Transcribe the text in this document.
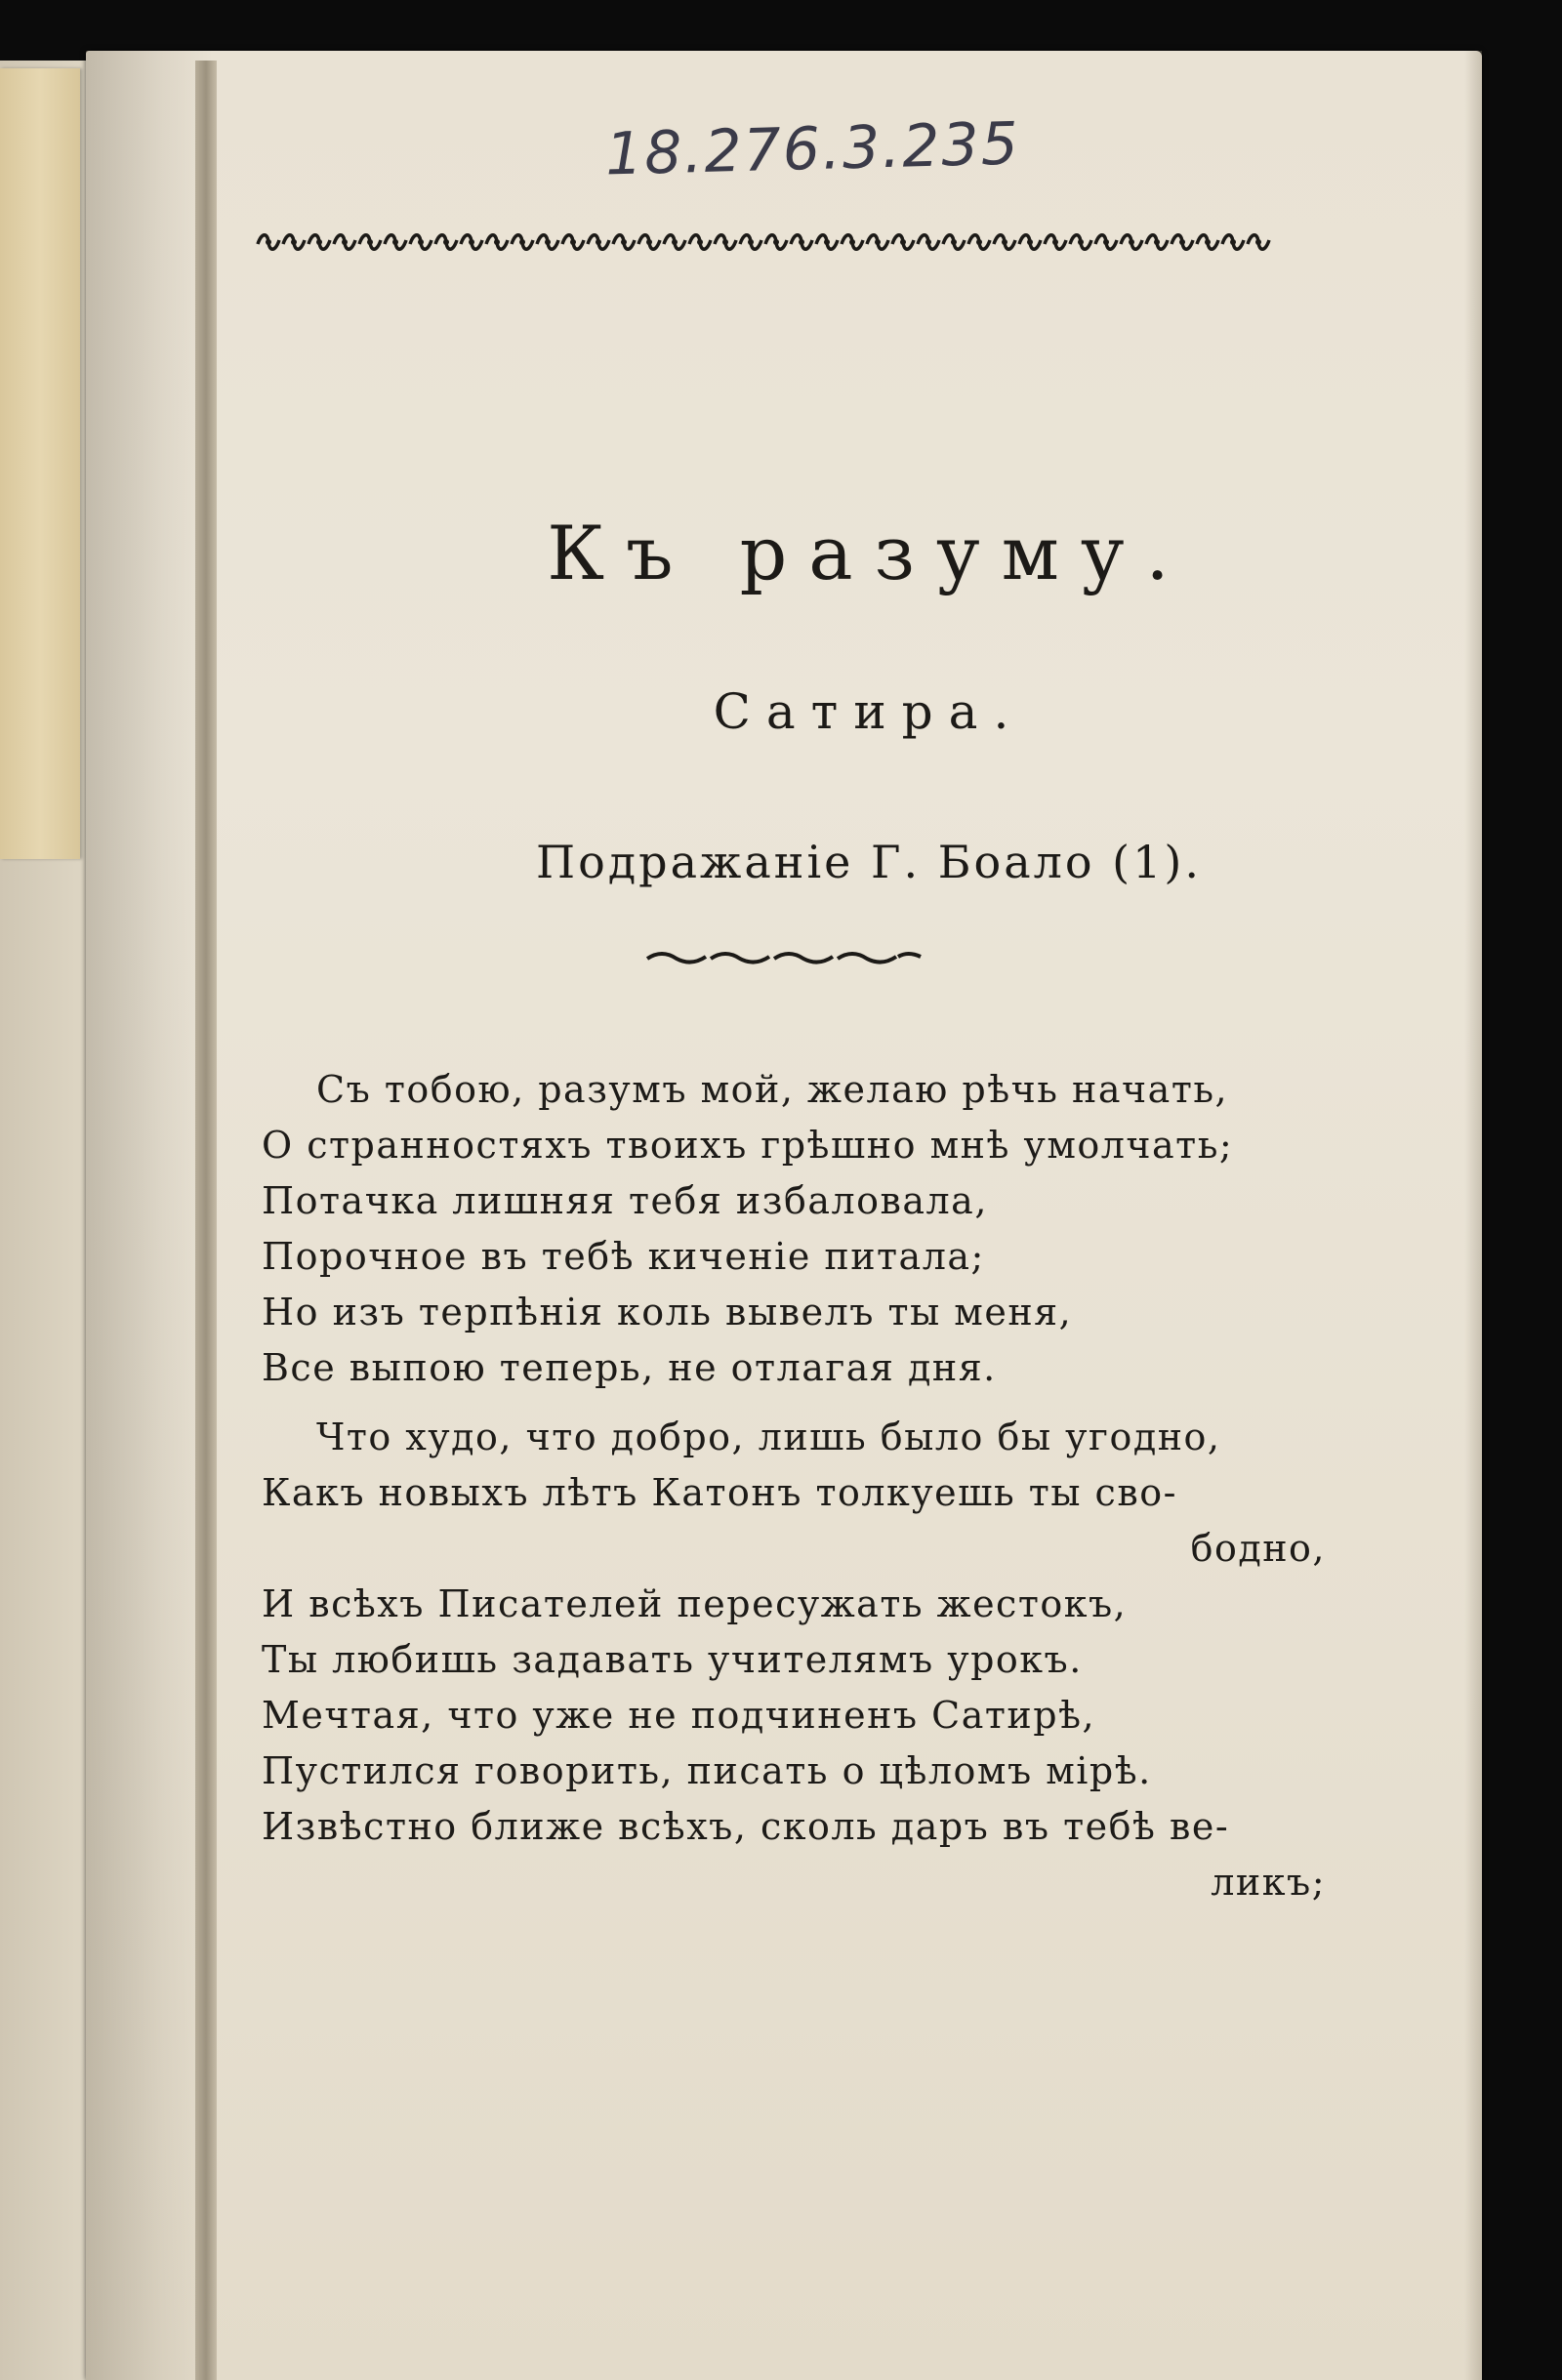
18.276.3.235
Къ разуму.
Сатира.
Подражаніе Г. Боало (1).
Съ тобою, разумъ мой, желаю рѣчь начать,
О странностяхъ твоихъ грѣшно мнѣ умолчать;
Потачка лишняя тебя избаловала,
Порочное въ тебѣ киченіе питала;
Но изъ терпѣнія коль вывелъ ты меня,
Все выпою теперь, не отлагая дня.
Что худо, что добро, лишь было бы угодно,
Какъ новыхъ лѣтъ Катонъ толкуешь ты сво-
бодно,
И всѣхъ Писателей пересужать жестокъ,
Ты любишь задавать учителямъ урокъ.
Мечтая, что уже не подчиненъ Сатирѣ,
Пустился говорить, писать о цѣломъ мірѣ.
Извѣстно ближе всѣхъ, сколь даръ въ тебѣ ве-
ликъ;
